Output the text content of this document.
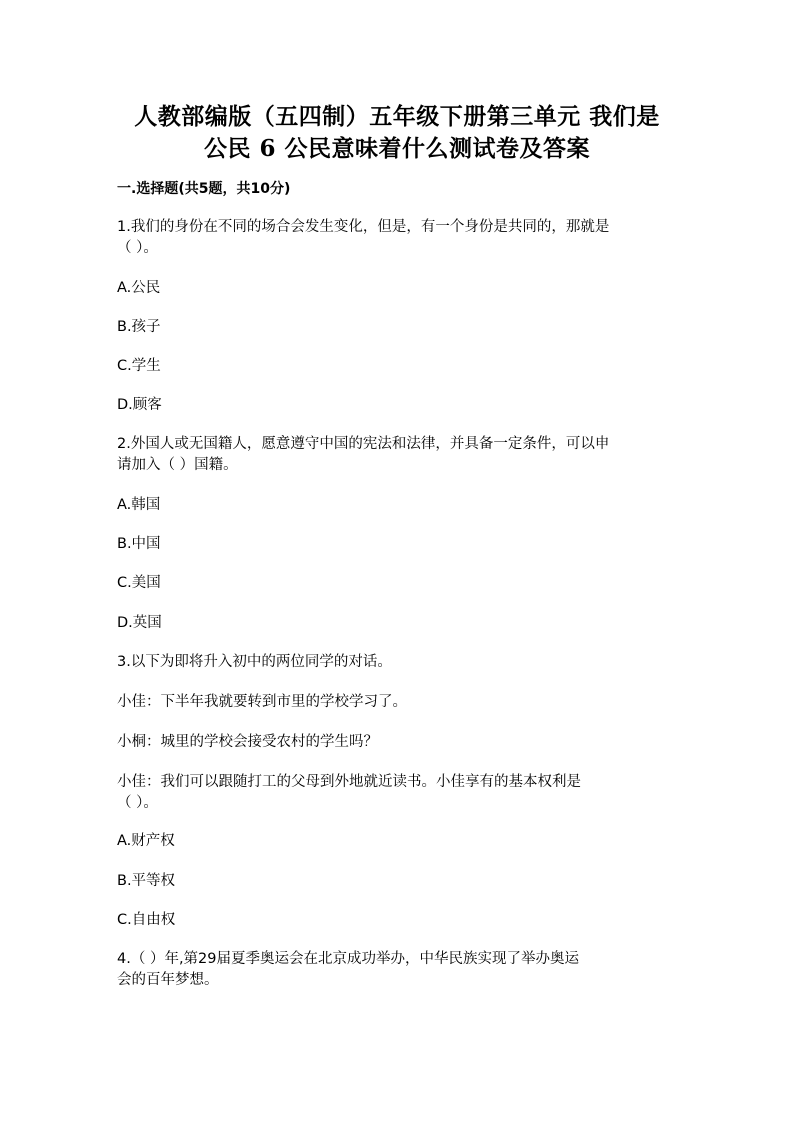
人教部编版（五四制）五年级下册第三单元 我们是
公民 6 公民意味着什么测试卷及答案
一.选择题(共5题，共10分)
1.我们的身份在不同的场合会发生变化，但是，有一个身份是共同的，那就是
（ ）。
A.公民
B.孩子
C.学生
D.顾客
2.外国人或无国籍人，愿意遵守中国的宪法和法律，并具备一定条件，可以申
请加入（ ）国籍。
A.韩国
B.中国
C.美国
D.英国
3.以下为即将升入初中的两位同学的对话。
小佳：下半年我就要转到市里的学校学习了。
小桐：城里的学校会接受农村的学生吗？
小佳：我们可以跟随打工的父母到外地就近读书。小佳享有的基本权利是
（ ）。
A.财产权
B.平等权
C.自由权
4.（ ）年,第29届夏季奥运会在北京成功举办，中华民族实现了举办奥运
会的百年梦想。
